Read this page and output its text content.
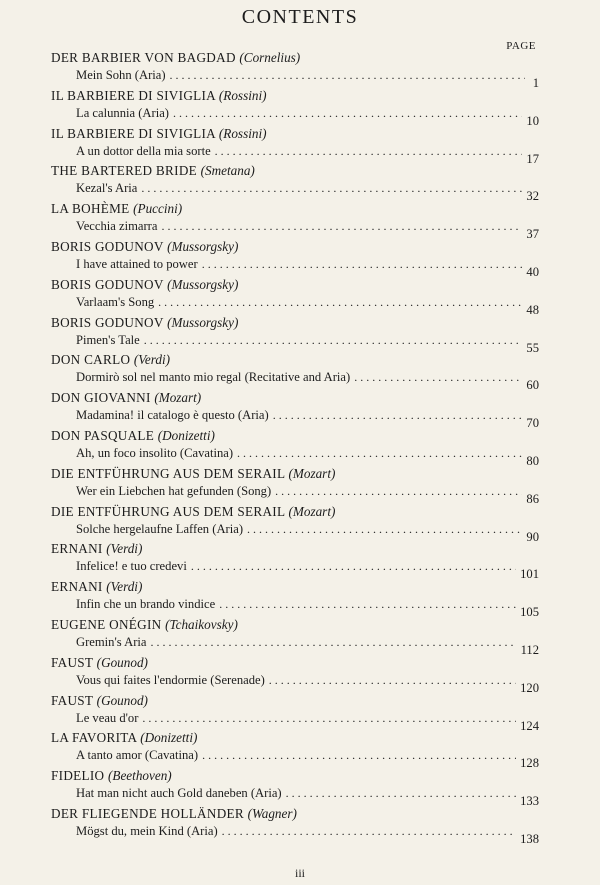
CONTENTS
PAGE
DER BARBIER VON BAGDAD (Cornelius)
Mein Sohn (Aria)
. . .
1
IL BARBIERE DI SIVIGLIA (Rossini)
La calunnia (Aria)
. . .
10
IL BARBIERE DI SIVIGLIA (Rossini)
A un dottor della mia sorte
. . .
17
THE BARTERED BRIDE (Smetana)
Kezal's Aria
. . .
32
LA BOHÈME (Puccini)
Vecchia zimarra
. . .
37
BORIS GODUNOV (Mussorgsky)
I have attained to power
. . .
40
BORIS GODUNOV (Mussorgsky)
Varlaam's Song
. . .
48
BORIS GODUNOV (Mussorgsky)
Pimen's Tale
. . .
55
DON CARLO (Verdi)
Dormirò sol nel manto mio regal (Recitative and Aria)
. . .
60
DON GIOVANNI (Mozart)
Madamina! il catalogo è questo (Aria)
. . .
70
DON PASQUALE (Donizetti)
Ah, un foco insolito (Cavatina)
. . .
80
DIE ENTFÜHRUNG AUS DEM SERAIL (Mozart)
Wer ein Liebchen hat gefunden (Song)
. . .
86
DIE ENTFÜHRUNG AUS DEM SERAIL (Mozart)
Solche hergelaufne Laffen (Aria)
. . .
90
ERNANI (Verdi)
Infelice! e tuo credevi
. . .
101
ERNANI (Verdi)
Infin che un brando vindice
. . .
105
EUGENE ONÉGIN (Tchaikovsky)
Gremin's Aria
. . .
112
FAUST (Gounod)
Vous qui faites l'endormie (Serenade)
. . .
120
FAUST (Gounod)
Le veau d'or
. . .
124
LA FAVORITA (Donizetti)
A tanto amor (Cavatina)
. . .
128
FIDELIO (Beethoven)
Hat man nicht auch Gold daneben (Aria)
. . .
133
DER FLIEGENDE HOLLÄNDER (Wagner)
Mögst du, mein Kind (Aria)
. . .
138
iii
